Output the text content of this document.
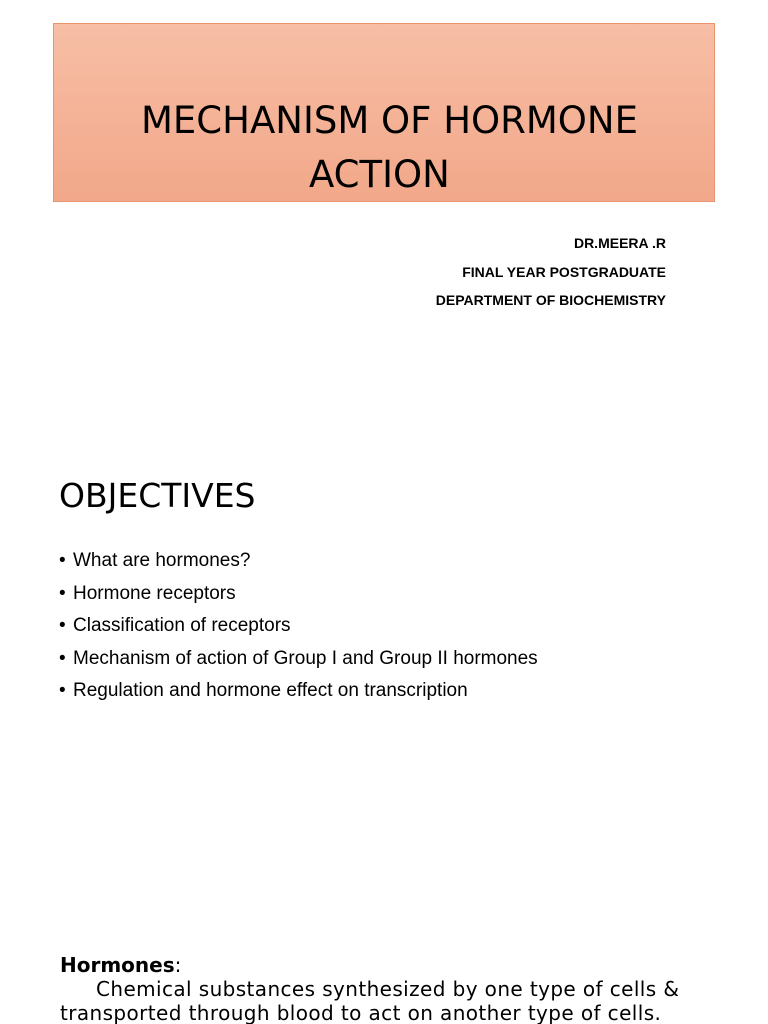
MECHANISM OF HORMONE
ACTION
DR.MEERA .R
FINAL YEAR POSTGRADUATE
DEPARTMENT OF BIOCHEMISTRY
OBJECTIVES
• What are hormones?
• Hormone receptors
• Classification of receptors
• Mechanism of action of Group I and Group II hormones
• Regulation and hormone effect on transcription
Hormones:
Chemical substances synthesized by one type of cells & transported through blood to act on another type of cells.
